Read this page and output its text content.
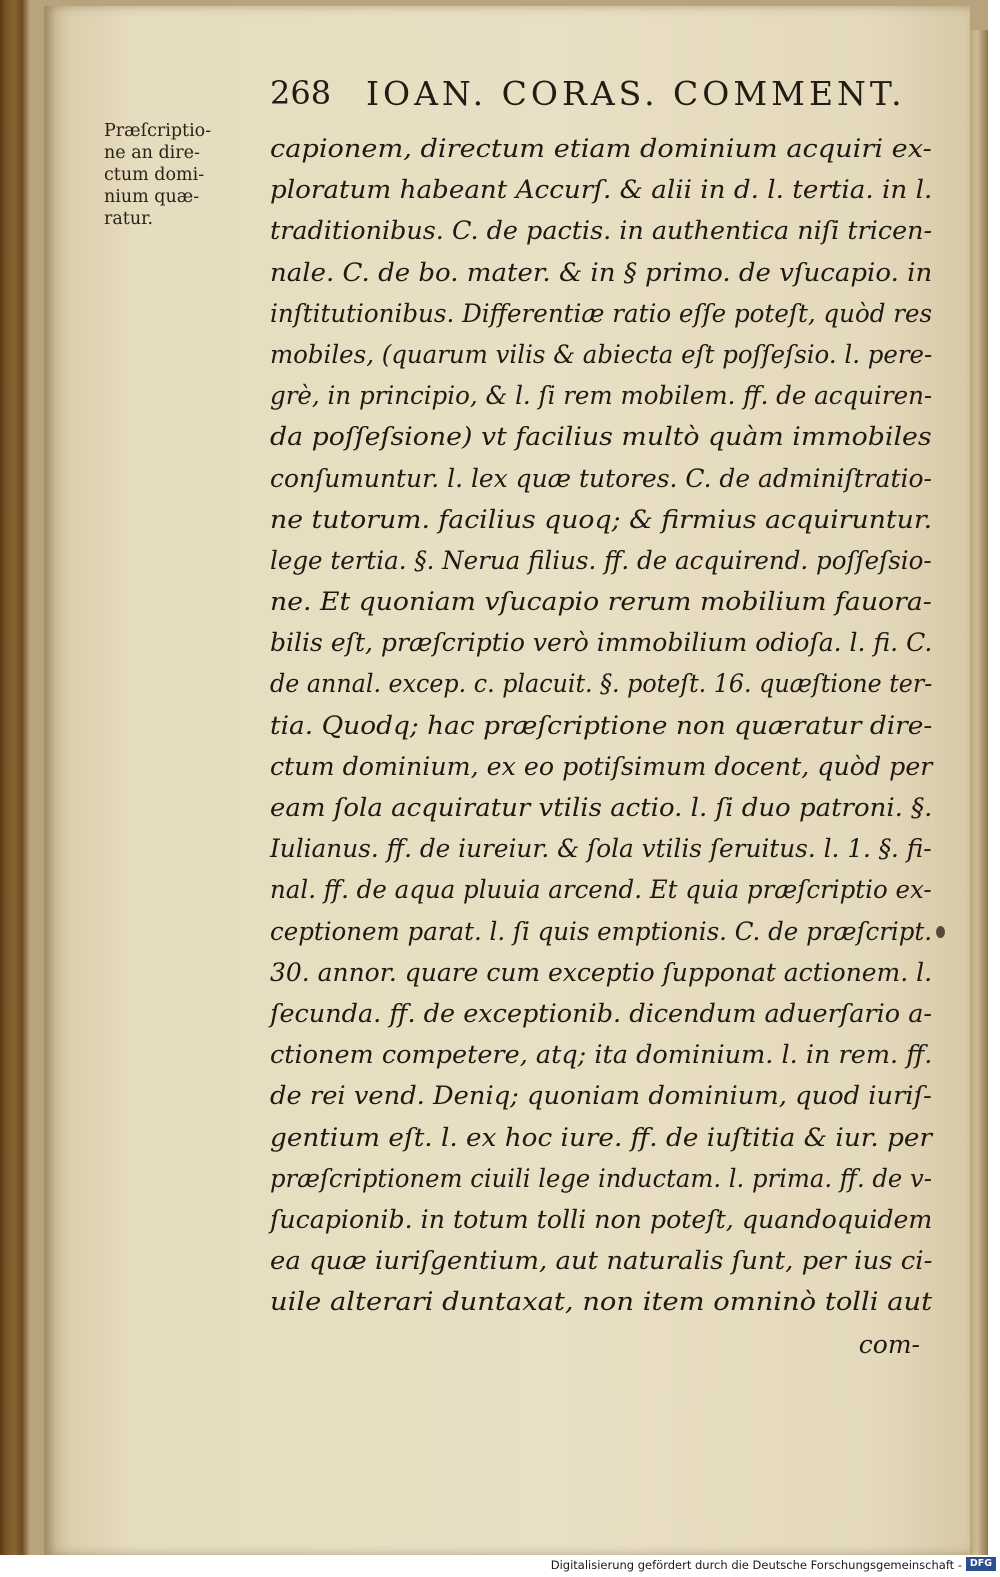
268 IOAN. CORAS. COMMENT.
Præſcriptio-
ne an dire-
ctum domi-
nium quæ-
ratur.
capionem, directum etiam dominium acquiri ex-
ploratum habeant Accurſ. & alii in d. l. tertia. in l.
traditionibus. C. de pactis. in authentica niſi tricen-
nale. C. de bo. mater. & in § primo. de vſucapio. in
inſtitutionibus. Differentiæ ratio eſſe poteſt, quòd res
mobiles, (quarum vilis & abiecta eſt poſſeſsio. l. pere-
grè, in principio, & l. ſi rem mobilem. ff. de acquiren-
da poſſeſsione) vt facilius multò quàm immobiles
conſumuntur. l. lex quæ tutores. C. de adminiſtratio-
ne tutorum. facilius quoq; & firmius acquiruntur.
lege tertia. §. Nerua filius. ff. de acquirend. poſſeſsio-
ne. Et quoniam vſucapio rerum mobilium fauora-
bilis eſt, præſcriptio verò immobilium odioſa. l. fi. C.
de annal. excep. c. placuit. §. poteſt. 16. quæſtione ter-
tia. Quodq; hac præſcriptione non quæratur dire-
ctum dominium, ex eo potiſsimum docent, quòd per
eam ſola acquiratur vtilis actio. l. ſi duo patroni. §.
Iulianus. ff. de iureiur. & ſola vtilis ſeruitus. l. 1. §. fi-
nal. ff. de aqua pluuia arcend. Et quia præſcriptio ex-
ceptionem parat. l. ſi quis emptionis. C. de præſcript.
30. annor. quare cum exceptio ſupponat actionem. l.
ſecunda. ff. de exceptionib. dicendum aduerſario a-
ctionem competere, atq; ita dominium. l. in rem. ff.
de rei vend. Deniq; quoniam dominium, quod iuriſ-
gentium eſt. l. ex hoc iure. ff. de iuſtitia & iur. per
præſcriptionem ciuili lege inductam. l. prima. ff. de v-
ſucapionib. in totum tolli non poteſt, quandoquidem
ea quæ iuriſgentium, aut naturalis ſunt, per ius ci-
uile alterari duntaxat, non item omninò tolli aut
com-
Digitalisierung gefördert durch die Deutsche Forschungsgemeinschaft - DFG
